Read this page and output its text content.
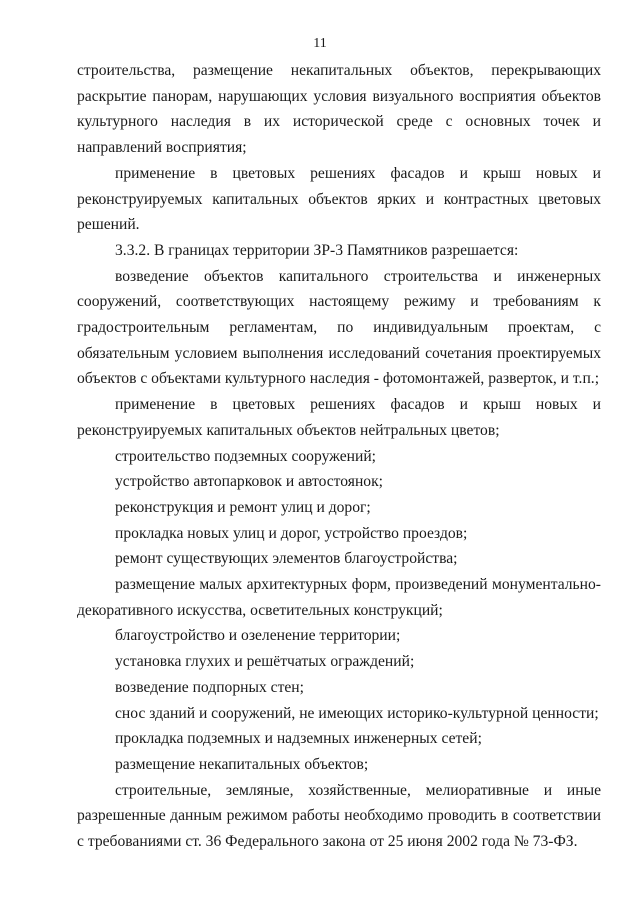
11

строительства, размещение некапитальных объектов, перекрывающих раскрытие панорам, нарушающих условия визуального восприятия объектов культурного наследия в их исторической среде с основных точек и направлений восприятия;

применение в цветовых решениях фасадов и крыш новых и реконструируемых капитальных объектов ярких и контрастных цветовых решений.

3.3.2. В границах территории ЗР-3 Памятников разрешается:

возведение объектов капитального строительства и инженерных сооружений, соответствующих настоящему режиму и требованиям к градостроительным регламентам, по индивидуальным проектам, с обязательным условием выполнения исследований сочетания проектируемых объектов с объектами культурного наследия - фотомонтажей, разверток, и т.п.;

применение в цветовых решениях фасадов и крыш новых и реконструируемых капитальных объектов нейтральных цветов;

строительство подземных сооружений;

устройство автопарковок и автостоянок;

реконструкция и ремонт улиц и дорог;

прокладка новых улиц и дорог, устройство проездов;

ремонт существующих элементов благоустройства;

размещение малых архитектурных форм, произведений монументально-декоративного искусства, осветительных конструкций;

благоустройство и озеленение территории;

установка глухих и решётчатых ограждений;

возведение подпорных стен;

снос зданий и сооружений, не имеющих историко-культурной ценности;

прокладка подземных и надземных инженерных сетей;

размещение некапитальных объектов;

строительные, земляные, хозяйственные, мелиоративные и иные разрешенные данным режимом работы необходимо проводить в соответствии с требованиями ст. 36 Федерального закона от 25 июня 2002 года № 73-ФЗ.
